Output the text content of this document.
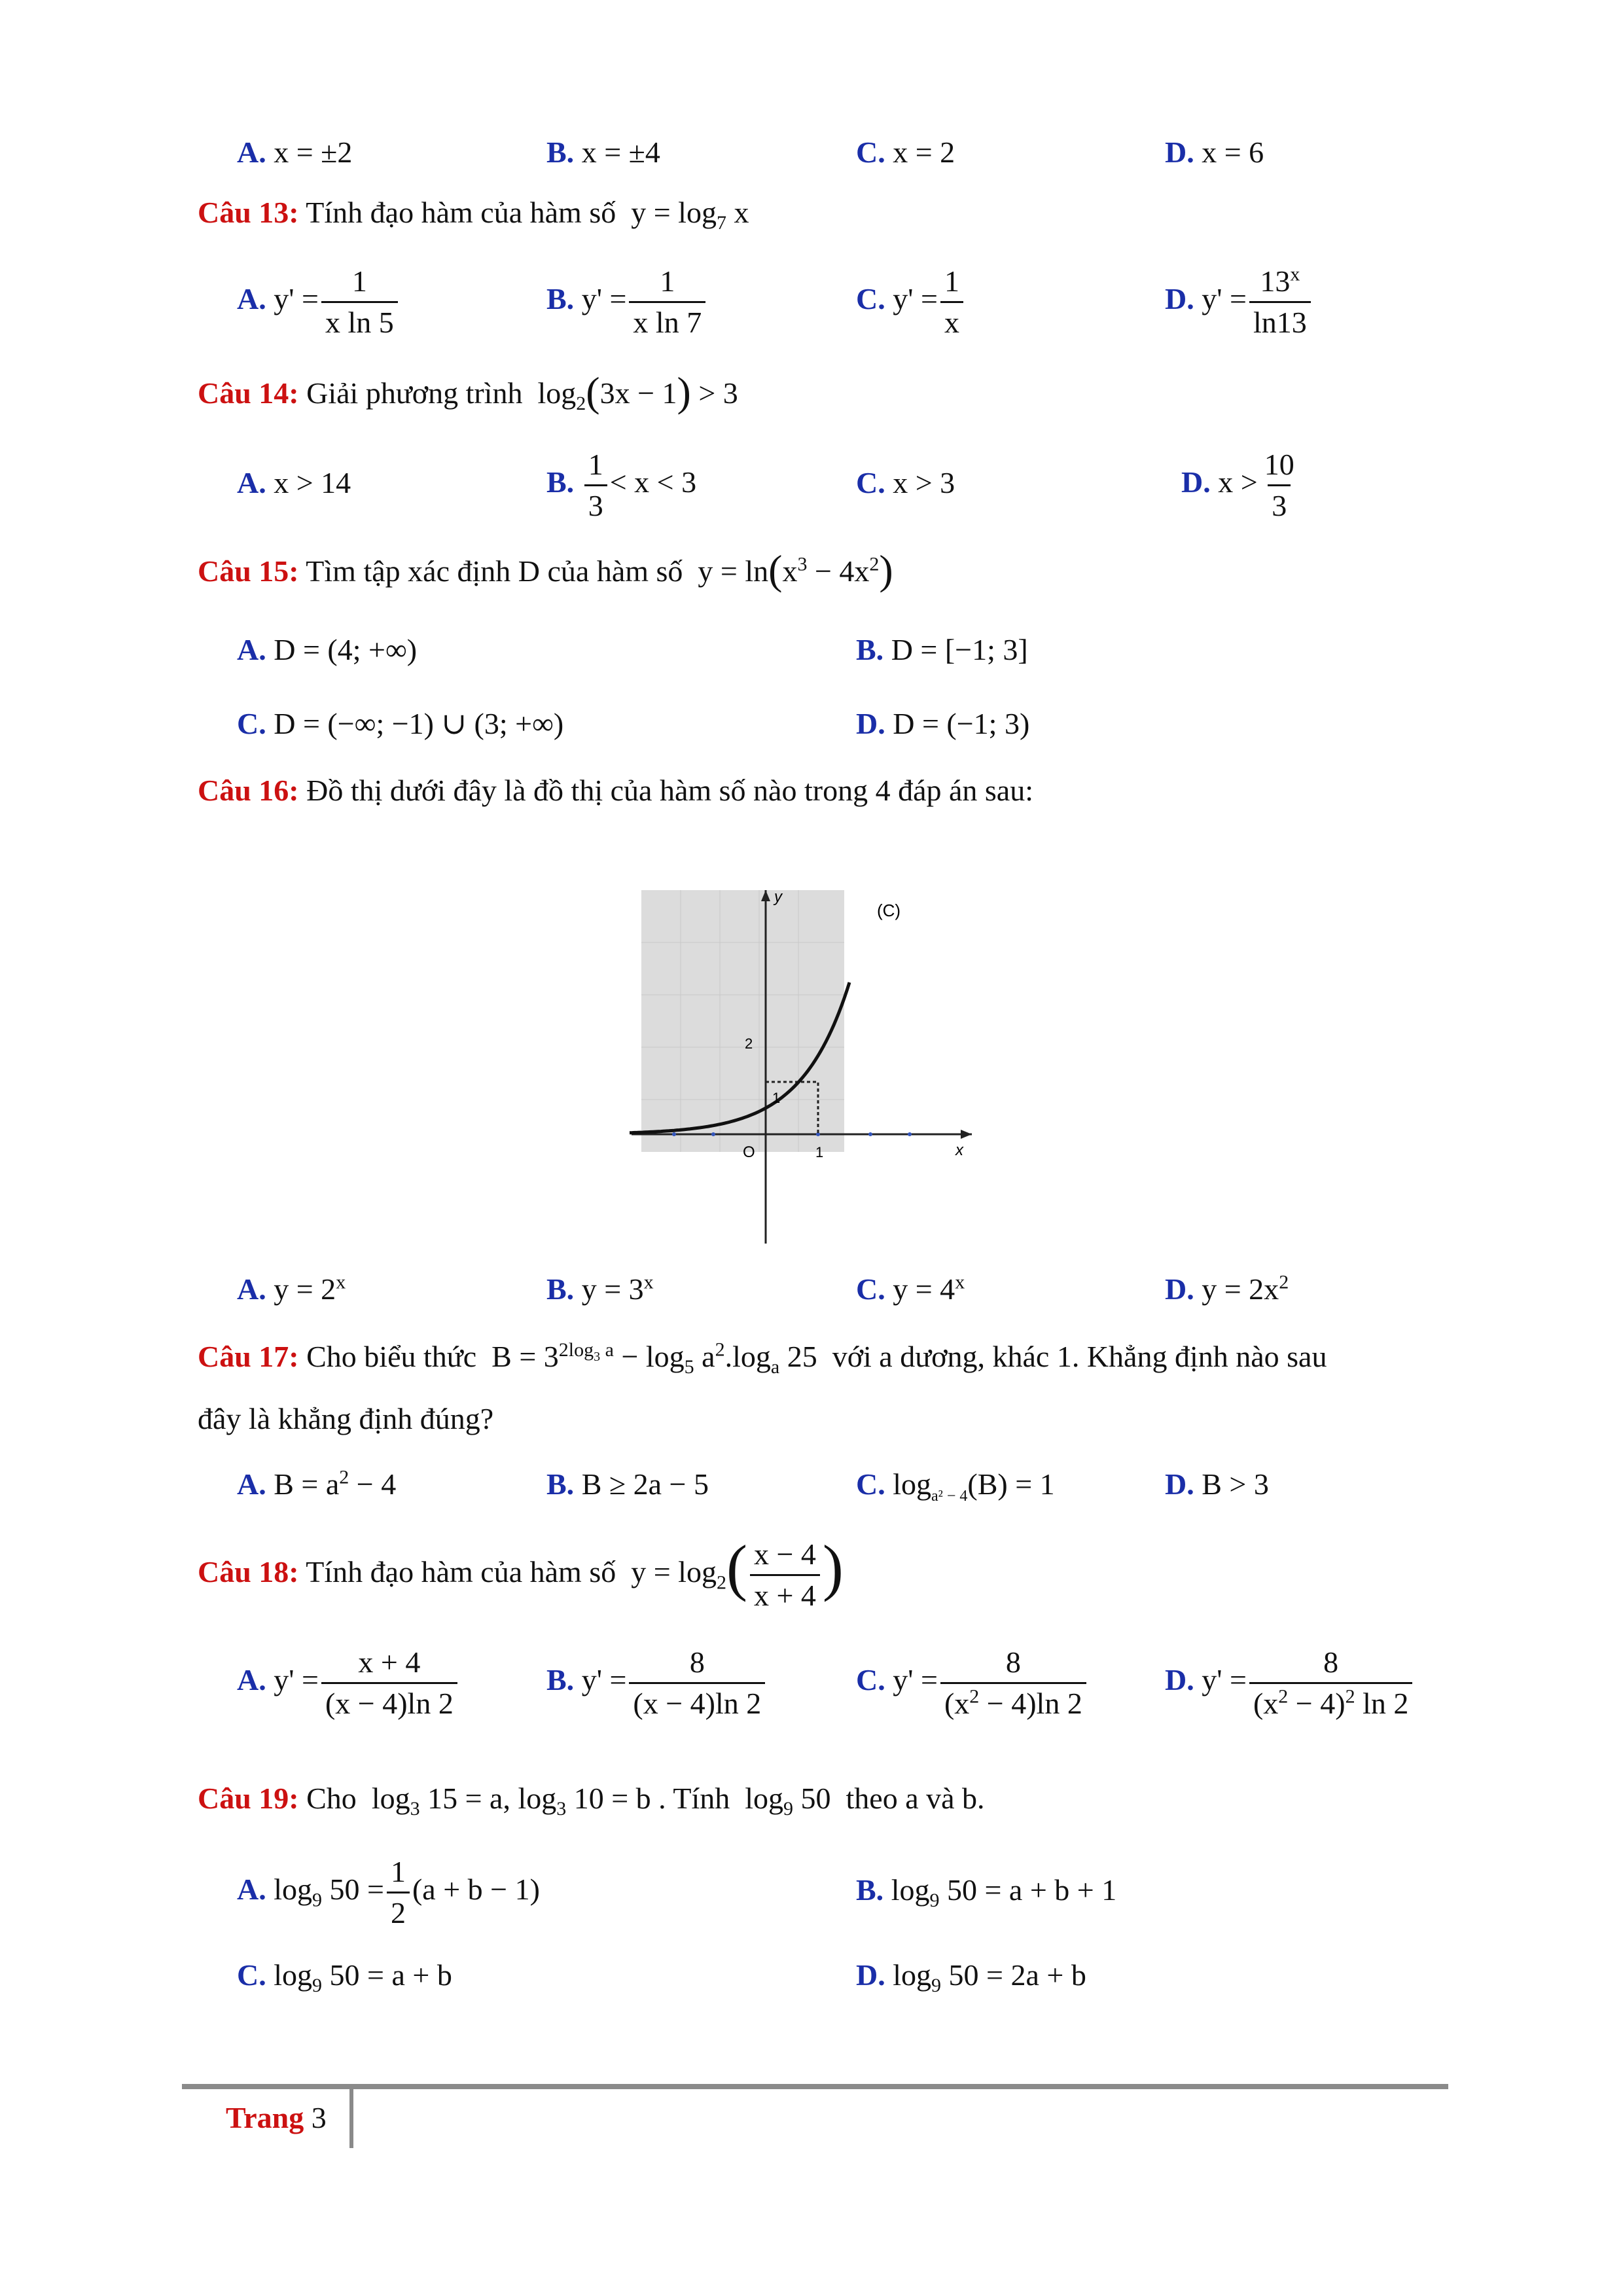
A. x = ±2	B. x = ±4	C. x = 2	D. x = 6
Câu 13: Tính đạo hàm của hàm số $y = \log_7 x$
A. $y' = \frac{1}{\text{x ln 5}}$	B. $y' = \frac{1}{\text{x ln 7}}$	C. $y' = \frac{1}{x}$	D. $y' = \frac{13^x}{\ln 13}$
Câu 14: Giải phương trình $\log_2(3x - 1) > 3$
A. x > 14	B. $\frac{1}{3} < x < 3$	C. x > 3	D. $x > \frac{10}{3}$
Câu 15: Tìm tập xác định D của hàm số $y = \ln(x^3 - 4x^2)$
A. D = (4; +∞)	B. D = [−1; 3]
C. D = (−∞; −1) ∪ (3; +∞)	D. D = (−1; 3)
Câu 16: Đồ thị dưới đây là đồ thị của hàm số nào trong 4 đáp án sau:
y
x
O
(C)
2
1
1
A. $y = 2^x$	B. $y = 3^x$	C. $y = 4^x$	D. $y = 2x^2$
Câu 17: Cho biểu thức $B = 3^{2log_3 a} - \log_5 a^2.\log_a$ 25 với a dương, khác 1. Khẳng định nào sau
đây là khẳng định đúng?
A. $B = a^2 - 4$	B. B ≥ 2a − 5	C. $\log_{a^2 - 4}(B) = 1$	D. B > 3
Câu 18: Tính đạo hàm của hàm số $y = \log_2( \frac{x - 4}{x + 4}$ )
A. $y' = \frac{x + 4}{(x - 4)\ln 2}$	B. $y' = \frac{8}{(x - 4)\ln 2}$	C. $y' = \frac{8}{(x^2 - 4)\ln 2}$	D. $y' = \frac{8}{(x^2 - 4)^2 \ln 2}$
Câu 19: Cho $\log_3 15 = a$, $\log_3 10 = b$ . Tính $\log_9 50$ theo a và b.
A. $\log_9 50 = \frac{1}{2} (a + b - 1)$	B. $\log_9 50 = a + b + 1$
C. $\log_9 50 = a + b$	D. $\log_9 50 = 2a + b$
Trang 3
